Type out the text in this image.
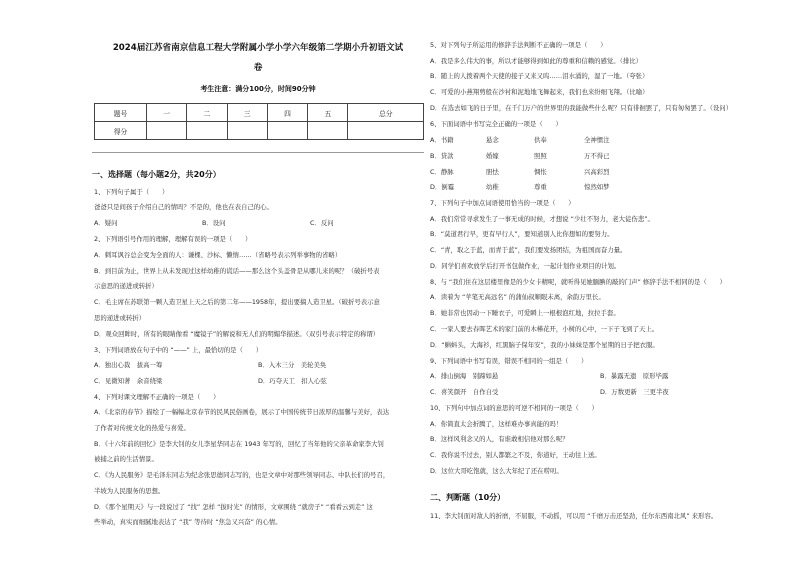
2024届江苏省南京信息工程大学附属小学小学六年级第二学期小升初语文试
卷
考生注意：满分100分，时间90分钟
题号	一	二	三	四	五	总分
得分						
一、选择题（每小题2分，共20分）
1、下列句子属于（　　）
爸爸只是间孩子介绍自己的情吗？不是的，他也在表自己的心。
A．疑问	B．设问	C．反问
2、下列语引号作用的理解，理解有误的一项是（　　）
A．刺耳讽谷总会变为全面的人：谦棵、沙标、懒惰……（省略号表示列举事物的省略）
B．到目前为止，世界上从未发现过这样幼稚的谎话——那么这个头盖骨是从哪儿来的呢？（破折号表
示意思的递进或转折）
C．毛主席在苏联第一颗人造卫星上天之后的第二年——1958年，提出要搞人造卫星。（破折号表示意
思的递进或转折）
D．观众回眸时，所有的眼睛像看 “魔镜子”的解说和无人们的明媚华描述。（双引号表示特定的称谓）
3、下列词语放在句子中的 “——” 上，最恰切的是（　　）
A．独出心裁　拔高一筹	B．入木三分　美轮美奂
C．见微知著　余音绕梁	D．巧夺天工　扣人心弦
4、下列对课文理解不正确的一项是（　　）
A．《北京的春节》描绘了一幅幅北京春节的民风民俗画卷，展示了中国传统节日浓厚的温馨与美好，表达
了作者对传统文化的热爱与喜爱。
B．《十六年前的回忆》是李大钊的女儿李星华同志在 1943 年写的，回忆了当年他的父亲革命家李大钊
被捕之前的生活情景。
C．《为人民服务》是毛泽东同志为纪念张思德同志写的，也是文章中对那些领导同志、中队长们的号召，
半坡为人民服务的思想。
D．《那个星期天》与一段说过了 “找” 怎样 “拔时光” 的情形，文章围绕 “就房子” “看看云到走” 这
些举动，真实而细腻地表达了 “我” 等待时 “焦急又兴奋” 的心情。
5、对下列句子所运用的修辞手法判断不正确的一项是（　　）
A．我是多么伟大的事，所以才能够得到如此的尊重和信赖的感觉。（排比）
B．随上的人拨着两个天使的接子又来又呜……泪水涌的，湿了一地。（夸张）
C．可爱的小燕翔剪般在沙衬和泥地地飞舞起来，我们也来纷细飞翔。（比喻）
D．在选去如飞的日子里，在千门万户的世界里的我能做些什么呢？只有徘徊罢了，只有匆匆罢了。（设问）
6、下面词语中书写完全正确的一项是（　　）
A．书籍	悬念	供奉	全神惯注
B．贷款	婚嫁	照照	万不得已
C．静脉	胆怯	惆怅	兴高彩烈
D．倒霉	幼稚	尊重	惊然如梦
7、下列句子中加点词语使用恰当的一项是（　　）
A．我们常常寻求发生了一事无成的时候，才想说 “少壮不努力，老大徒伤悲”。
B．“莫道君行早，更有早行人”，要知道别人比你想如的要努力。
C．“青，取之于蓝，而青于蓝”，我们要发扬团结，为祖国而奋力量。
D．同学们喜欢放学后打开书包做作业，一起计划作业项目的计划。
8、与 “我们住在这层楼里像是的少女卡精呢，就听得见她腼腆的敲的门声” 修辞手法不相同的是（　　）
A．读着为 “苹笔无高远名” 的蒲仙叔顺眼未离，余韵万里长。
B．她非常也因动一下睡衣子，可爱瞬上一根根泡红地，拉拉手套。
C．一家人要去春晖艺术的家门前的木槿花开，小树的心中，一下子飞到了天上。
D．“蝌蚪头，大海衫，红黑脑子保年安”，我的小妹妹是那个星期的日子把衣服。
9、下列词语中书写有误，错误不相同的一组是（　　）
A．排山倒海　别蹄如悬	B．暴露无遗　原形毕露
C．喜笑颜开　自作自受	D．万数更新　三更半夜
10、下列句中加点词的意思的可逆不相同的一项是（　　）
A．你简直太会折腾了，这样难办事真能的吗！
B．这样风利念又的人，有谁敢相信他对那么呢？
C．我你说不过去，别人都繁之不及，你道好，王动往上送。
D．这位大哥吃饱就，这么大年纪了还在唠叨。
二、判断题（10分）
11、李大钊面对敌人的折磨，不屈服，不动摇，可以用 “千磨万击还坚劲，任尔东西南北风” 来形容。
